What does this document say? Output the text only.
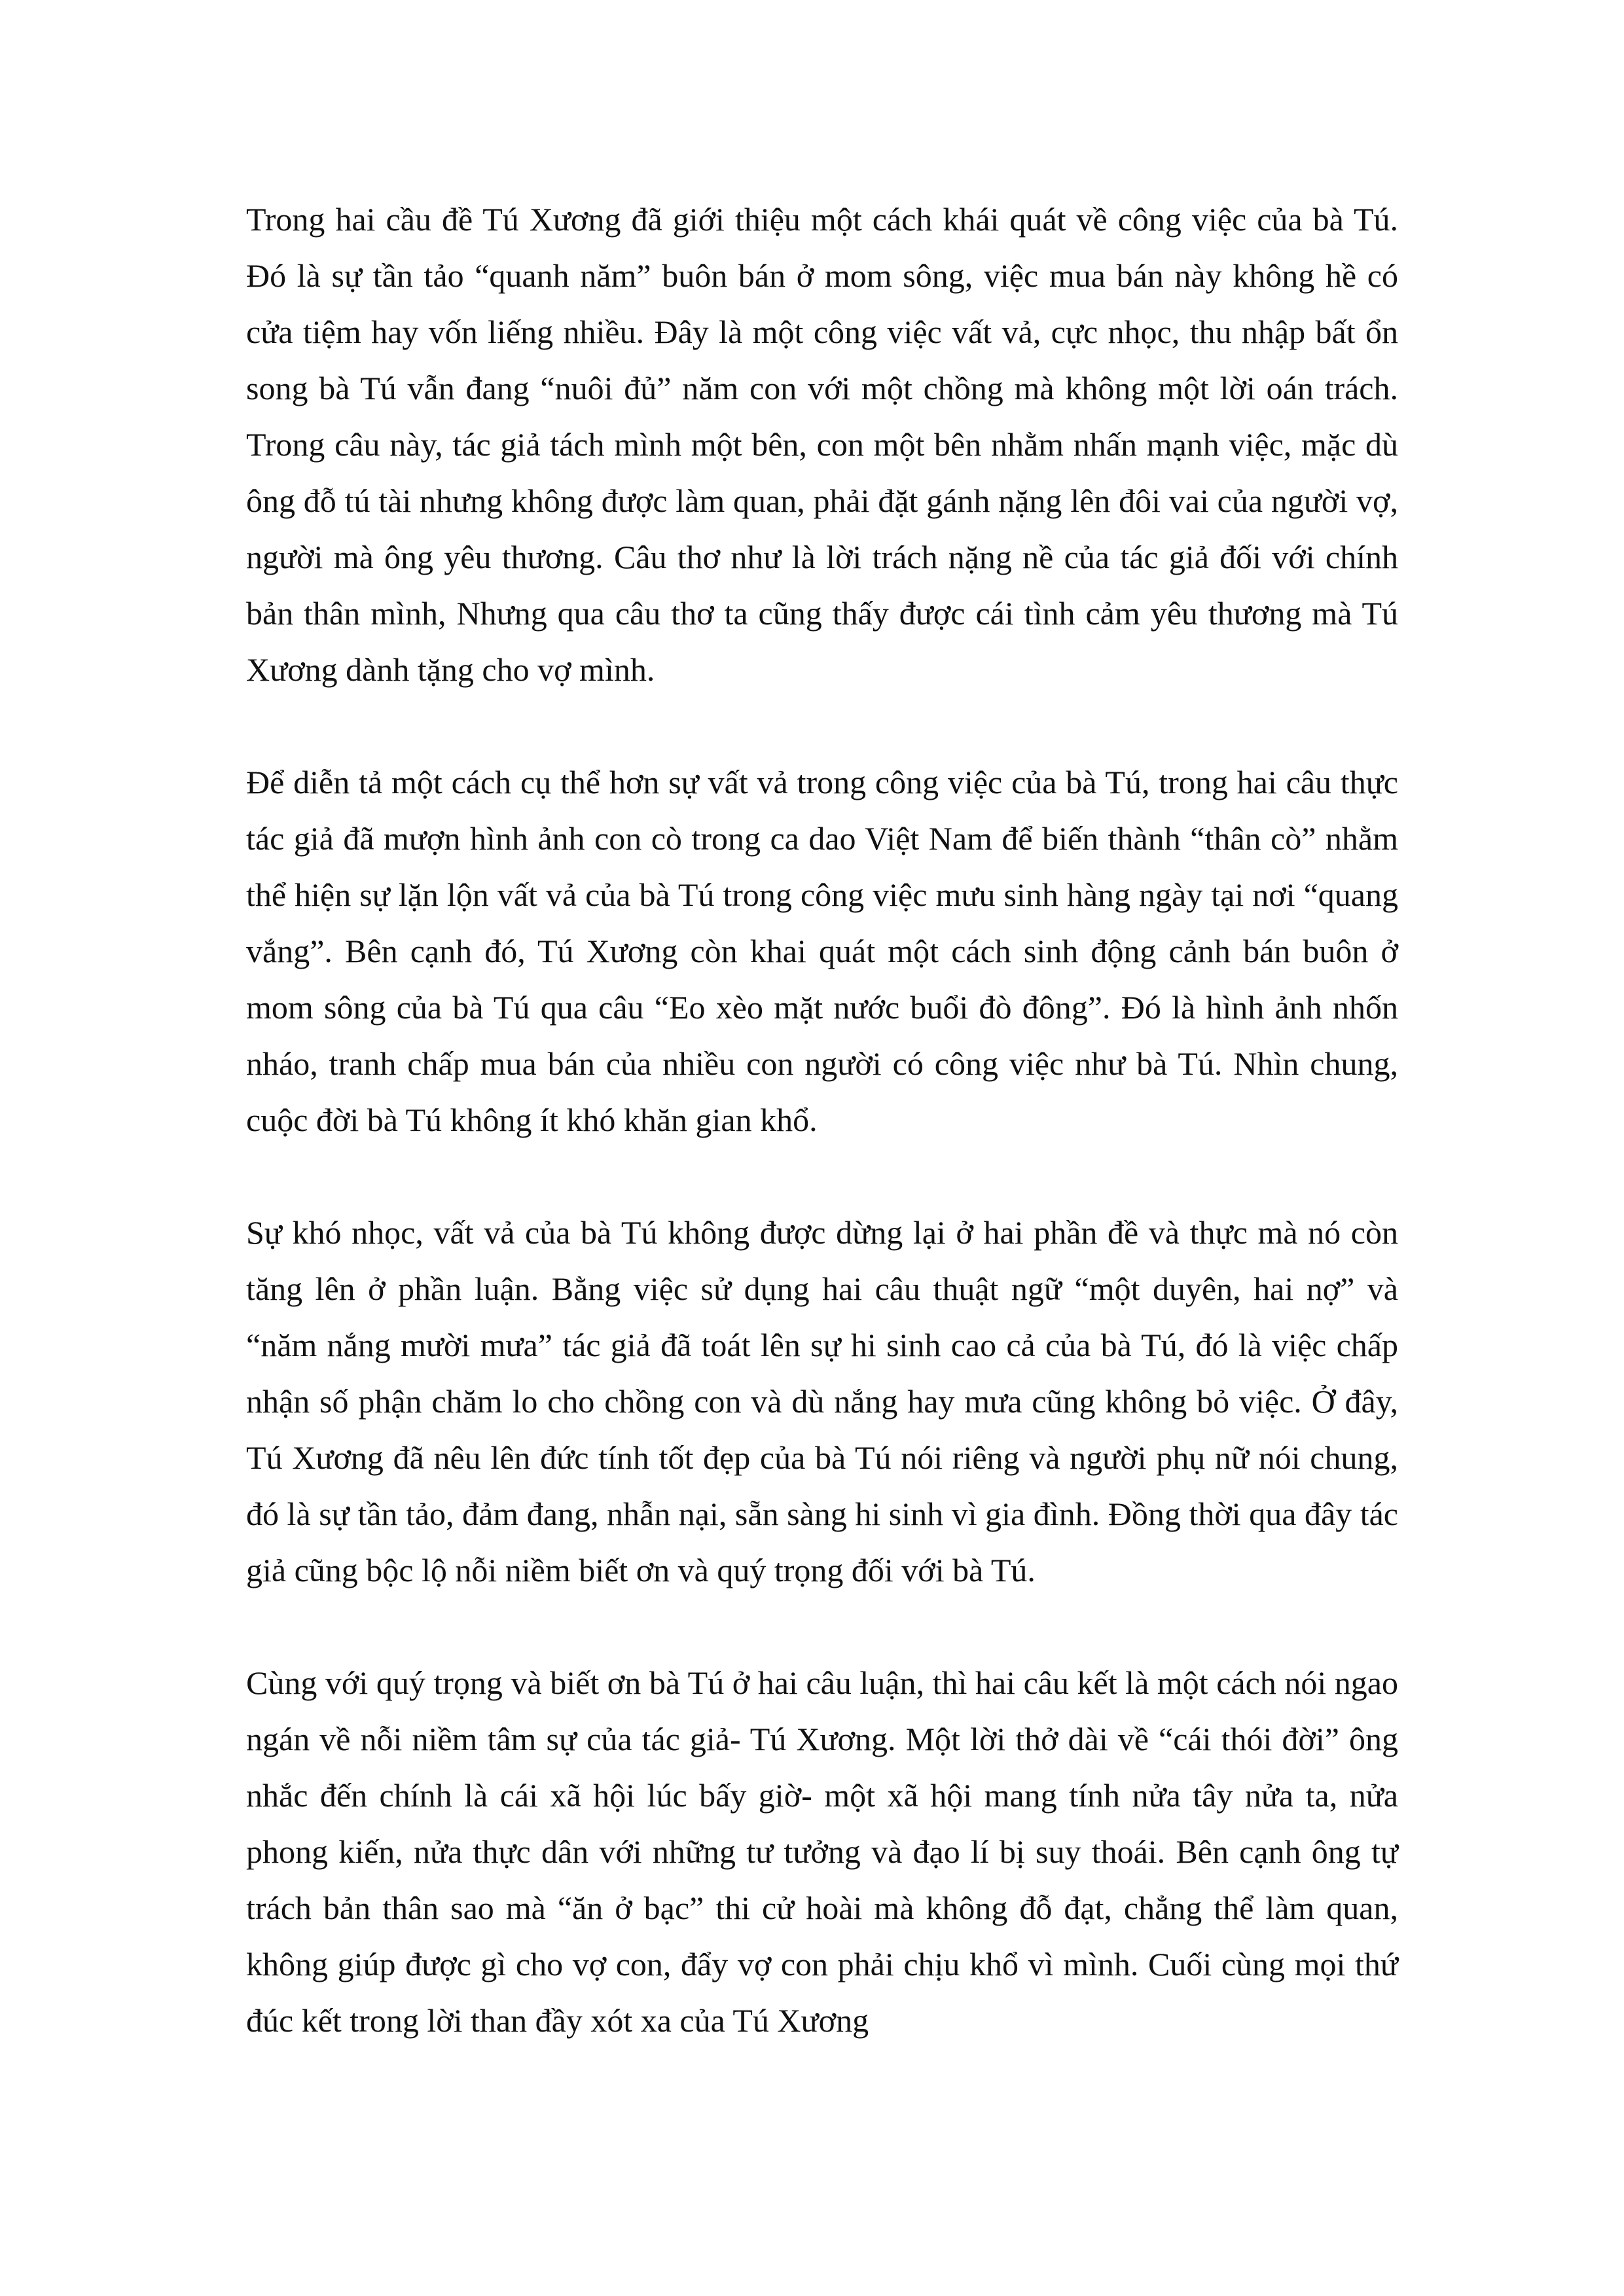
Trong hai cầu đề Tú Xương đã giới thiệu một cách khái quát về công việc của bà Tú. Đó là sự tần tảo “quanh năm” buôn bán ở mom sông, việc mua bán này không hề có cửa tiệm hay vốn liếng nhiều. Đây là một công việc vất vả, cực nhọc, thu nhập bất ổn song bà Tú vẫn đang “nuôi đủ” năm con với một chồng mà không một lời oán trách. Trong câu này, tác giả tách mình một bên, con một bên nhằm nhấn mạnh việc, mặc dù ông đỗ tú tài nhưng không được làm quan, phải đặt gánh nặng lên đôi vai của người vợ, người mà ông yêu thương. Câu thơ như là lời trách nặng nề của tác giả đối với chính bản thân mình, Nhưng qua câu thơ ta cũng thấy được cái tình cảm yêu thương mà Tú Xương dành tặng cho vợ mình.

Để diễn tả một cách cụ thể hơn sự vất vả trong công việc của bà Tú, trong hai câu thực tác giả đã mượn hình ảnh con cò trong ca dao Việt Nam để biến thành “thân cò” nhằm thể hiện sự lặn lộn vất vả của bà Tú trong công việc mưu sinh hàng ngày tại nơi “quang vắng”. Bên cạnh đó, Tú Xương còn khai quát một cách sinh động cảnh bán buôn ở mom sông của bà Tú qua câu “Eo xèo mặt nước buổi đò đông”. Đó là hình ảnh nhốn nháo, tranh chấp mua bán của nhiều con người có công việc như bà Tú. Nhìn chung, cuộc đời bà Tú không ít khó khăn gian khổ.

Sự khó nhọc, vất vả của bà Tú không được dừng lại ở hai phần đề và thực mà nó còn tăng lên ở phần luận. Bằng việc sử dụng hai câu thuật ngữ “một duyên, hai nợ” và “năm nắng mười mưa” tác giả đã toát lên sự hi sinh cao cả của bà Tú, đó là việc chấp nhận số phận chăm lo cho chồng con và dù nắng hay mưa cũng không bỏ việc. Ở đây, Tú Xương đã nêu lên đức tính tốt đẹp của bà Tú nói riêng và người phụ nữ nói chung, đó là sự tần tảo, đảm đang, nhẫn nại, sẵn sàng hi sinh vì gia đình. Đồng thời qua đây tác giả cũng bộc lộ nỗi niềm biết ơn và quý trọng đối với bà Tú.

Cùng với quý trọng và biết ơn bà Tú ở hai câu luận, thì hai câu kết là một cách nói ngao ngán về nỗi niềm tâm sự của tác giả- Tú Xương. Một lời thở dài về “cái thói đời” ông nhắc đến chính là cái xã hội lúc bấy giờ- một xã hội mang tính nửa tây nửa ta, nửa phong kiến, nửa thực dân với những tư tưởng và đạo lí bị suy thoái. Bên cạnh ông tự trách bản thân sao mà “ăn ở bạc” thi cử hoài mà không đỗ đạt, chẳng thể làm quan, không giúp được gì cho vợ con, đẩy vợ con phải chịu khổ vì mình. Cuối cùng mọi thứ đúc kết trong lời than đầy xót xa của Tú Xương
